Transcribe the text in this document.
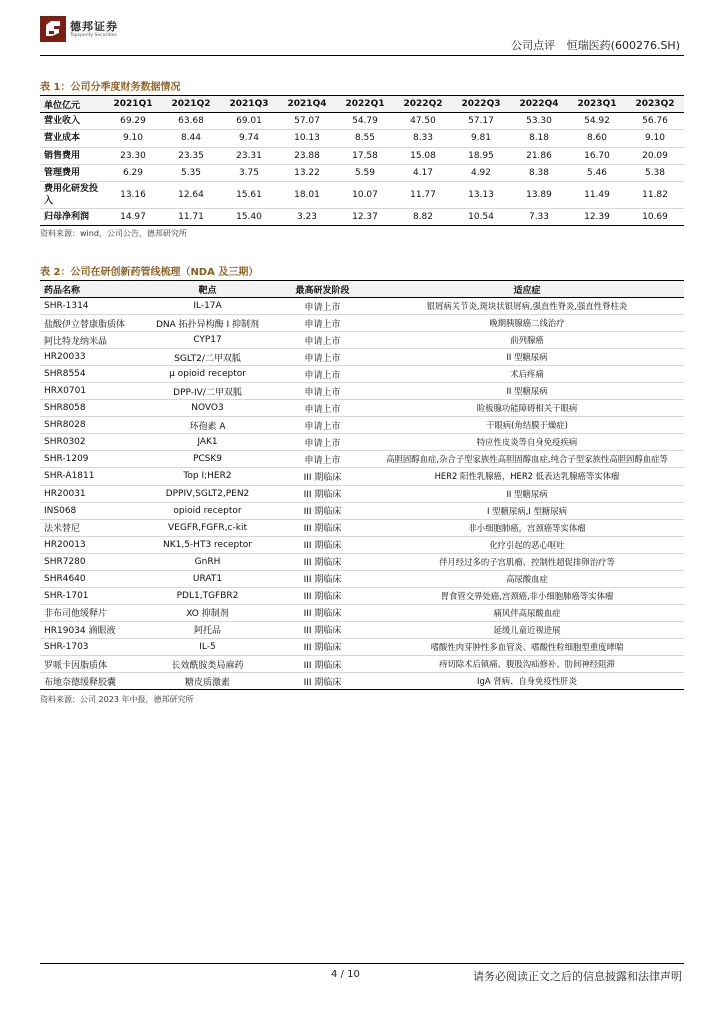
德邦证券
Topsperity Securities
公司点评 恒瑞医药(600276.SH)
表 1：公司分季度财务数据情况
单位亿元	2021Q1	2021Q2	2021Q3	2021Q4	2022Q1	2022Q2	2022Q3	2022Q4	2023Q1	2023Q2
营业收入	69.29	63.68	69.01	57.07	54.79	47.50	57.17	53.30	54.92	56.76
营业成本	9.10	8.44	9.74	10.13	8.55	8.33	9.81	8.18	8.60	9.10
销售费用	23.30	23.35	23.31	23.88	17.58	15.08	18.95	21.86	16.70	20.09
管理费用	6.29	5.35	3.75	13.22	5.59	4.17	4.92	8.38	5.46	5.38
费用化研发投入	13.16	12.64	15.61	18.01	10.07	11.77	13.13	13.89	11.49	11.82
归母净利润	14.97	11.71	15.40	3.23	12.37	8.82	10.54	7.33	12.39	10.69
资料来源：wind，公司公告，德邦研究所
表 2：公司在研创新药管线梳理（NDA 及三期）
药品名称	靶点	最高研发阶段	适应症
SHR-1314	IL-17A	申请上市	银屑病关节炎,斑块状银屑病,强直性脊炎,强直性脊柱炎
盐酸伊立替康脂质体	DNA 拓扑异构酶 I 抑制剂	申请上市	晚期胰腺癌二线治疗
阿比特龙纳米晶	CYP17	申请上市	前列腺癌
HR20033	SGLT2/二甲双胍	申请上市	II 型糖尿病
SHR8554	μ opioid receptor	申请上市	术后疼痛
HRX0701	DPP-IV/二甲双胍	申请上市	II 型糖尿病
SHR8058	NOVO3	申请上市	睑板腺功能障碍相关干眼病
SHR8028	环孢素 A	申请上市	干眼病(角结膜干燥症)
SHR0302	JAK1	申请上市	特应性皮炎等自身免疫疾病
SHR-1209	PCSK9	申请上市	高胆固醇血症,杂合子型家族性高胆固醇血症,纯合子型家族性高胆固醇血症等
SHR-A1811	Top I;HER2	III 期临床	HER2 阳性乳腺癌，HER2 低表达乳腺癌等实体瘤
HR20031	DPPIV,SGLT2,PEN2	III 期临床	II 型糖尿病
INS068	opioid receptor	III 期临床	I 型糖尿病,I 型糖尿病
法米替尼	VEGFR,FGFR,c-kit	III 期临床	非小细胞肺癌，宫颈癌等实体瘤
HR20013	NK1,5-HT3 receptor	III 期临床	化疗引起的恶心呕吐
SHR7280	GnRH	III 期临床	伴月经过多的子宫肌瘤、控制性超促排卵治疗等
SHR4640	URAT1	III 期临床	高尿酸血症
SHR-1701	PDL1,TGFBR2	III 期临床	胃食管交界处癌,宫颈癌,非小细胞肺癌等实体瘤
非布司他缓释片	XO 抑制剂	III 期临床	痛风伴高尿酸血症
HR19034 滴眼液	阿托品	III 期临床	延缓儿童近视进展
SHR-1703	IL-5	III 期临床	嗜酸性肉芽肿性多血管炎、嗜酸性粒细胞型重度哮喘
罗哌卡因脂质体	长效酰胺类局麻药	III 期临床	痔切除术后镇痛、腹股沟疝修补、肋间神经阻滞
布地奈德缓释胶囊	糖皮质激素	III 期临床	IgA 肾病、自身免疫性肝炎
资料来源：公司 2023 年中报，德邦研究所
4 / 10	请务必阅读正文之后的信息披露和法律声明
